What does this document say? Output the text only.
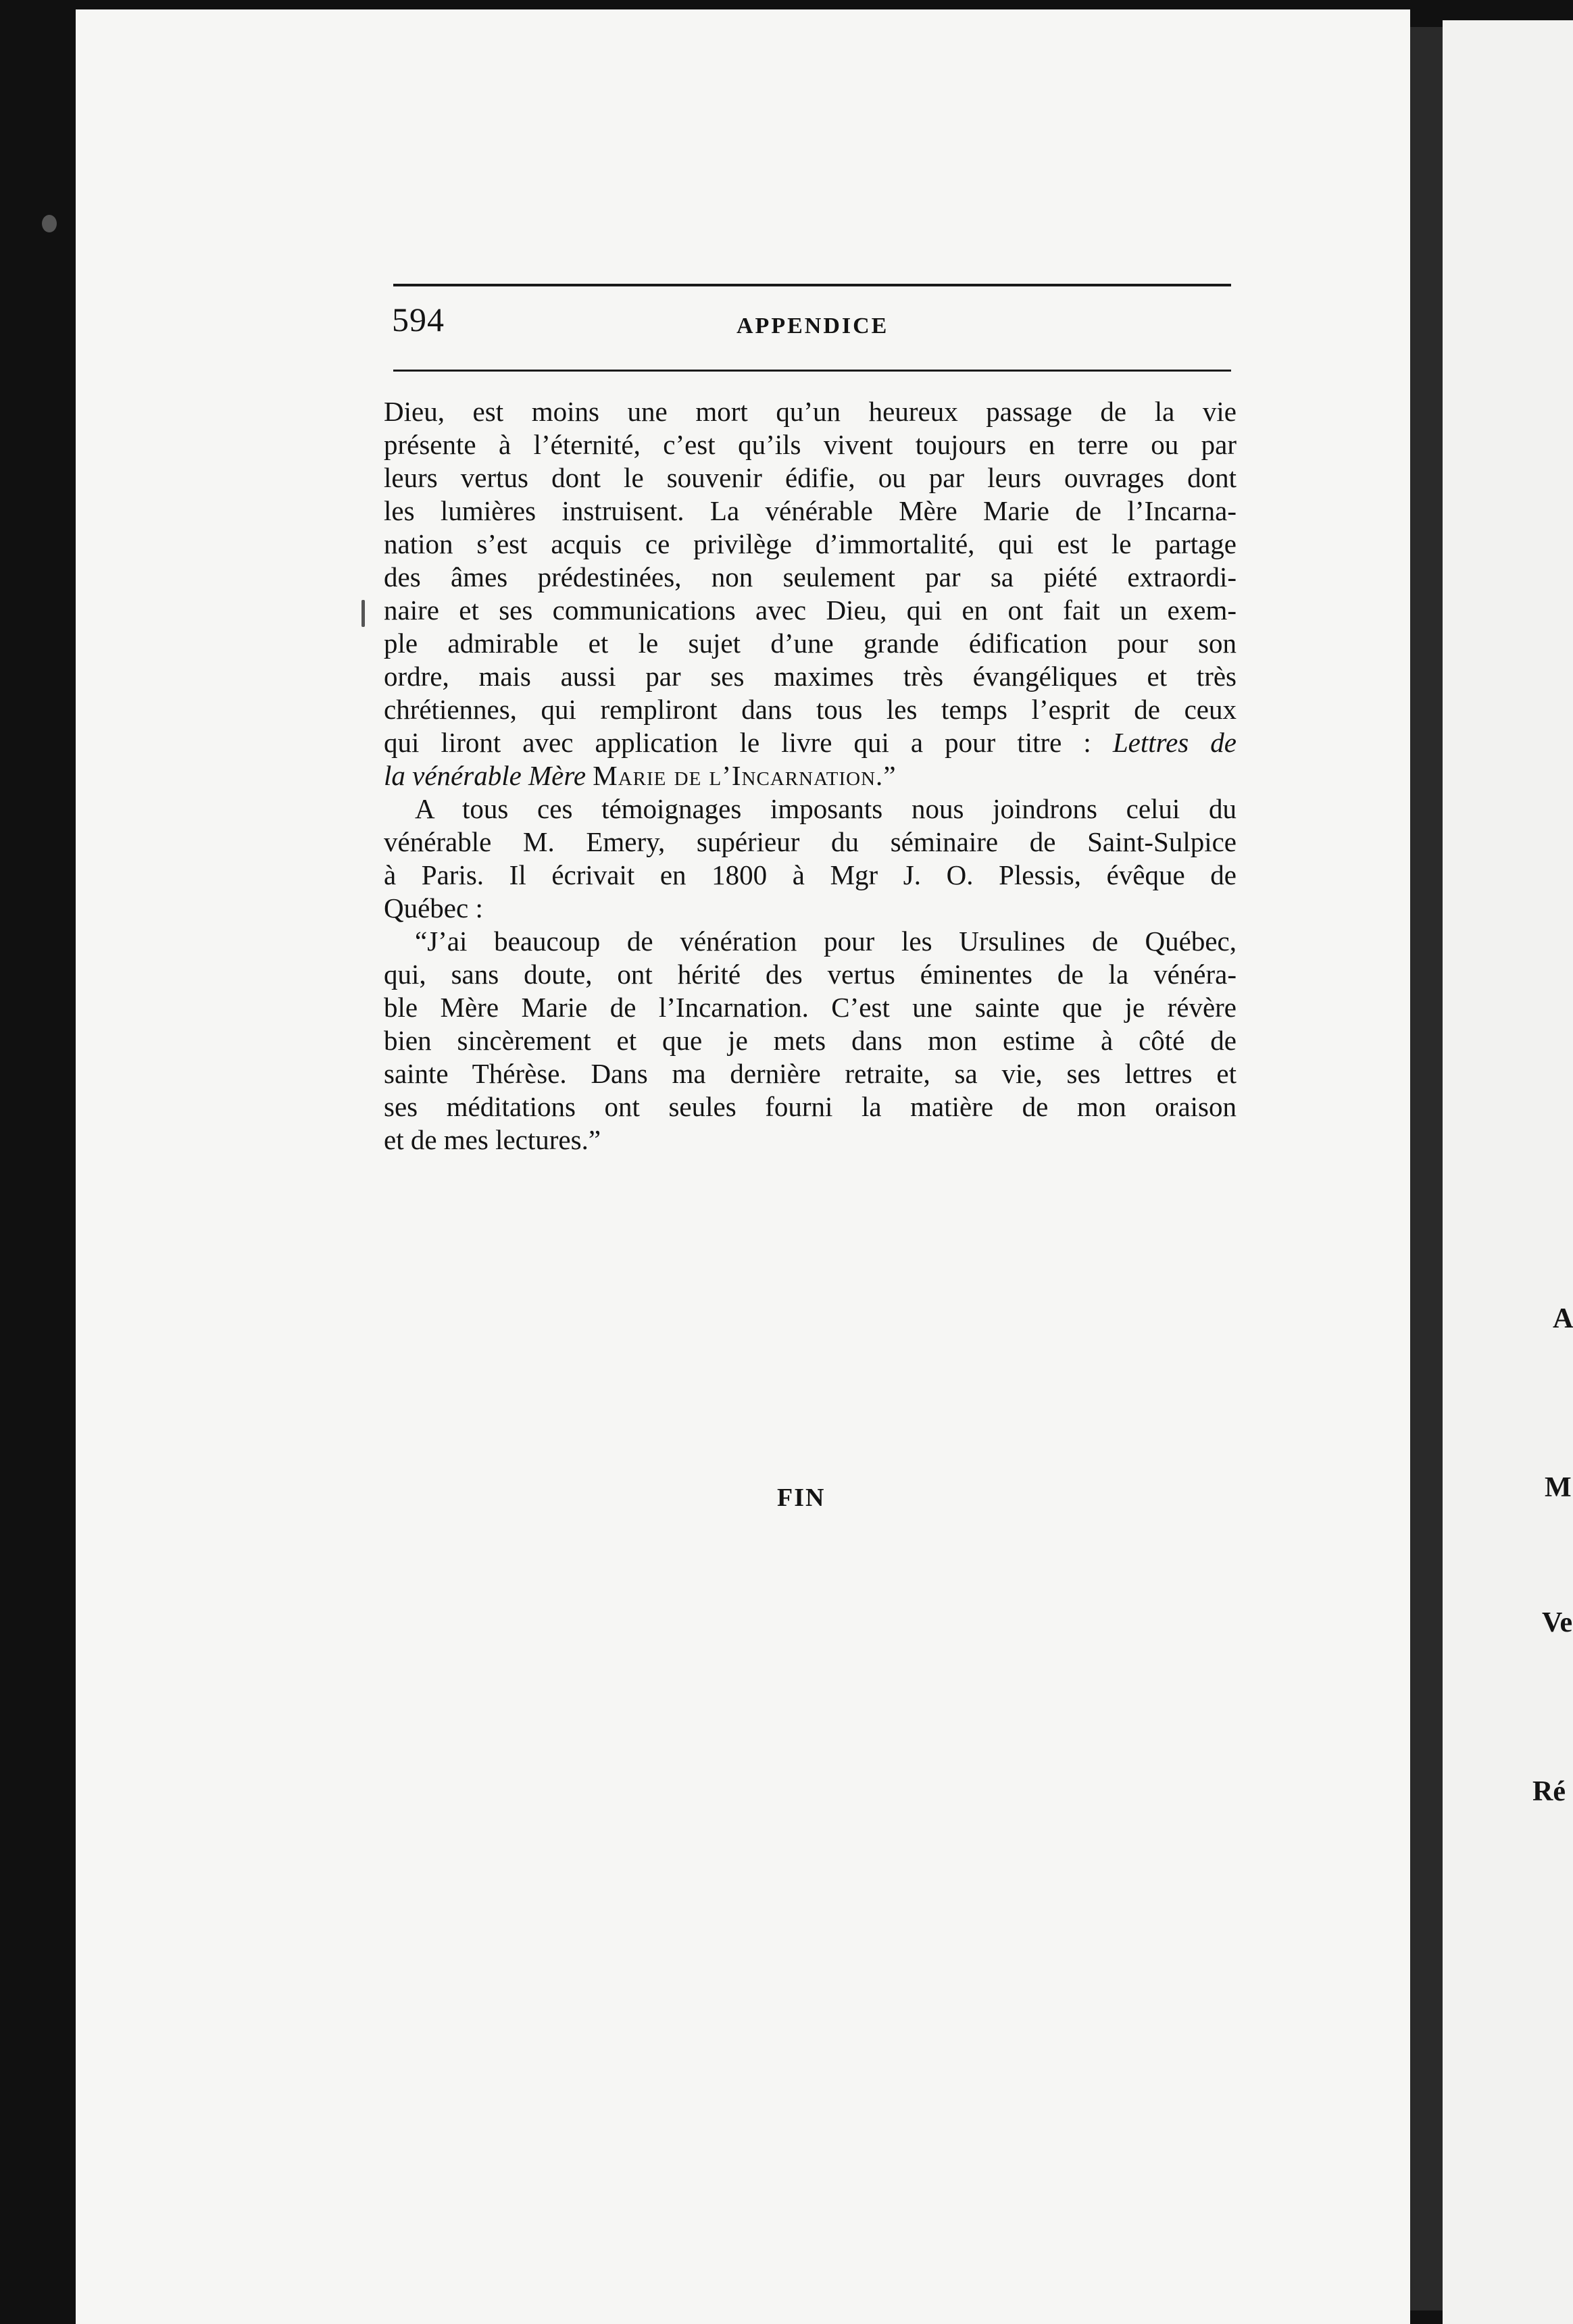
594	APPENDICE
Dieu, est moins une mort qu’un heureux passage de la vie
présente à l’éternité, c’est qu’ils vivent toujours en terre ou par
leurs vertus dont le souvenir édifie, ou par leurs ouvrages dont
les lumières instruisent. La vénérable Mère Marie de l’Incarna-
nation s’est acquis ce privilège d’immortalité, qui est le partage
des âmes prédestinées, non seulement par sa piété extraordi-
naire et ses communications avec Dieu, qui en ont fait un exem-
ple admirable et le sujet d’une grande édification pour son
ordre, mais aussi par ses maximes très évangéliques et très
chrétiennes, qui rempliront dans tous les temps l’esprit de ceux
qui liront avec application le livre qui a pour titre : Lettres de
la vénérable Mère Marie de l’Incarnation.”
A tous ces témoignages imposants nous joindrons celui du
vénérable M. Emery, supérieur du séminaire de Saint-Sulpice
à Paris. Il écrivait en 1800 à Mgr J. O. Plessis, évêque de
Québec :
“J’ai beaucoup de vénération pour les Ursulines de Québec,
qui, sans doute, ont hérité des vertus éminentes de la vénéra-
ble Mère Marie de l’Incarnation. C’est une sainte que je révère
bien sincèrement et que je mets dans mon estime à côté de
sainte Thérèse. Dans ma dernière retraite, sa vie, ses lettres et
ses méditations ont seules fourni la matière de mon oraison
et de mes lectures.”
FIN
A
M
Ve
Ré
